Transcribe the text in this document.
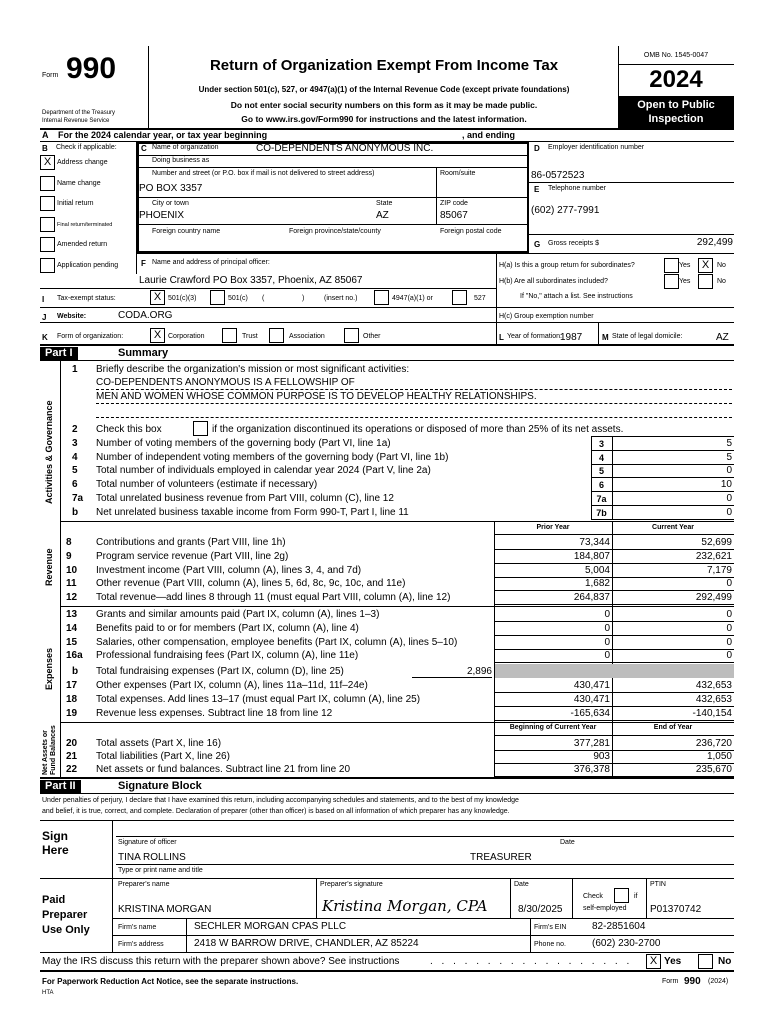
Form 990
Department of the Treasury
Internal Revenue Service
Return of Organization Exempt From Income Tax
Under section 501(c), 527, or 4947(a)(1) of the Internal Revenue Code (except private foundations)
Do not enter social security numbers on this form as it may be made public.
Go to www.irs.gov/Form990 for instructions and the latest information.
OMB No. 1545-0047
2024
Open to Public
Inspection
A For the 2024 calendar year, or tax year beginning	, and ending
B Check if applicable:
X Address change
Name change
Initial return
Final return/terminated
Amended return
Application pending
C Name of organization	CO-DEPENDENTS ANONYMOUS INC.
Doing business as
Number and street (or P.O. box if mail is not delivered to street address)	Room/suite
PO BOX 3357
City or town	State	ZIP code
PHOENIX	AZ	85067
Foreign country name	Foreign province/state/county	Foreign postal code
D Employer identification number
86-0572523
E Telephone number
(602) 277-7991
G Gross receipts $	292,499
F Name and address of principal officer:
Laurie Crawford PO Box 3357, Phoenix, AZ 85067
H(a) Is this a group return for subordinates?	Yes	X	No
H(b) Are all subordinates included?	Yes	No
If "No," attach a list. See instructions
I Tax-exempt status:	X 501(c)(3)	501(c) (	)	(insert no.)	4947(a)(1) or	527
J Website:	CODA.ORG	H(c) Group exemption number
K Form of organization:	X Corporation	Trust	Association	Other	L Year of formation:
1987 M State of legal domicile:	AZ
Part I	Summary
Activities & Governance
Revenue
Expenses
Net Assets or Fund Balances
1 Briefly describe the organization's mission or most significant activities:
CO-DEPENDENTS ANONYMOUS IS A FELLOWSHIP OF
MEN AND WOMEN WHOSE COMMON PURPOSE IS TO DEVELOP HEALTHY RELATIONSHIPS.
2 Check this box	if the organization discontinued its operations or disposed of more than 25% of its net assets.
3 Number of voting members of the governing body (Part VI, line 1a)	3	5
4 Number of independent voting members of the governing body (Part VI, line 1b)	4	5
5 Total number of individuals employed in calendar year 2024 (Part V, line 2a)	5	0
6 Total number of volunteers (estimate if necessary)	6	10
7a Total unrelated business revenue from Part VIII, column (C), line 12	7a	0
b Net unrelated business taxable income from Form 990-T, Part I, line 11	7b	0
Prior Year	Current Year
8 Contributions and grants (Part VIII, line 1h)	73,344	52,699
9 Program service revenue (Part VIII, line 2g)	184,807	232,621
10 Investment income (Part VIII, column (A), lines 3, 4, and 7d)	5,004	7,179
11 Other revenue (Part VIII, column (A), lines 5, 6d, 8c, 9c, 10c, and 11e)	1,682	0
12 Total revenue—add lines 8 through 11 (must equal Part VIII, column (A), line 12)	264,837	292,499
13 Grants and similar amounts paid (Part IX, column (A), lines 1–3)	0	0
14 Benefits paid to or for members (Part IX, column (A), line 4)	0	0
15 Salaries, other compensation, employee benefits (Part IX, column (A), lines 5–10)	0	0
16a Professional fundraising fees (Part IX, column (A), line 11e)	0	0
b Total fundraising expenses (Part IX, column (D), line 25)	2,896
17 Other expenses (Part IX, column (A), lines 11a–11d, 11f–24e)	430,471	432,653
18 Total expenses. Add lines 13–17 (must equal Part IX, column (A), line 25)	430,471	432,653
19 Revenue less expenses. Subtract line 18 from line 12	-165,634	-140,154
Beginning of Current Year	End of Year
20 Total assets (Part X, line 16)	377,281	236,720
21 Total liabilities (Part X, line 26)	903	1,050
22 Net assets or fund balances. Subtract line 21 from line 20	376,378	235,670
Part II	Signature Block
Under penalties of perjury, I declare that I have examined this return, including accompanying schedules and statements, and to the best of my knowledge
and belief, it is true, correct, and complete. Declaration of preparer (other than officer) is based on all information of which preparer has any knowledge.
Sign
Here
Signature of officer	Date
TINA ROLLINS	TREASURER
Type or print name and title
Paid
Preparer
Use Only
Preparer's name	Preparer's signature	Date
Check	if
self-employed
PTIN
KRISTINA MORGAN	Kristina Morgan, CPA	8/30/2025	P01370742
Firm's name	SECHLER MORGAN CPAS PLLC	Firm's EIN	82-2851604
Firm's address	2418 W BARROW DRIVE, CHANDLER, AZ 85224	Phone no.	(602) 230-2700
May the IRS discuss this return with the preparer shown above? See instructions	. . . . . . . . . . . . . . . . . .	X Yes	No
For Paperwork Reduction Act Notice, see the separate instructions.
HTA
Form 990 (2024)
